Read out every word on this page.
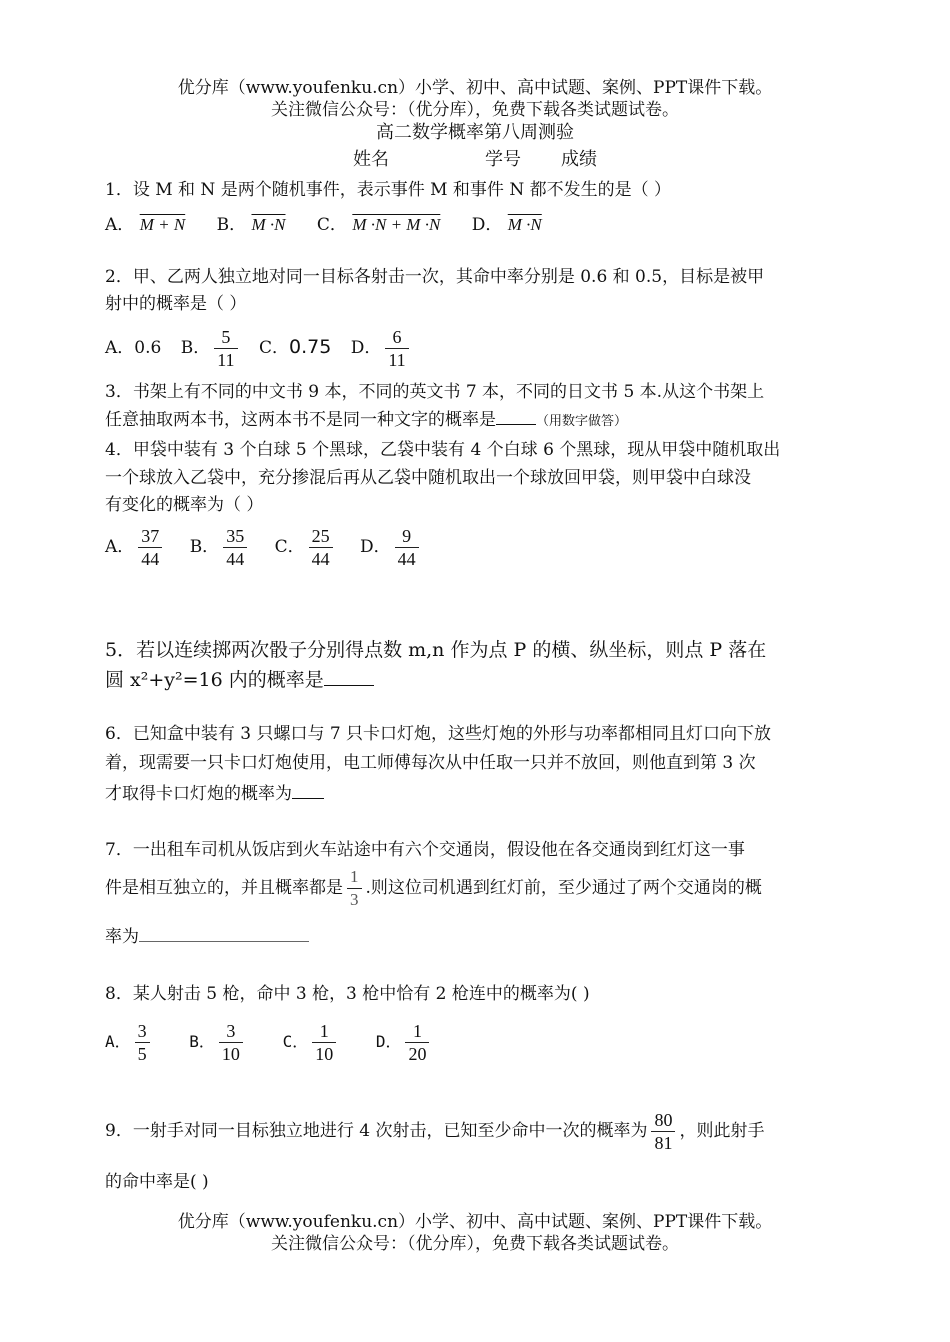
优分库（www.youfenku.cn）小学、初中、高中试题、案例、PPT课件下载。
关注微信公众号：（优分库），免费下载各类试题试卷。
高二数学概率第八周测验
姓名	学号 成绩
1．设 M 和 N 是两个随机事件，表示事件 M 和事件 N 都不发生的是（ ）
A． M + N B． M ·N C． M ·N + M ·N D． M ·N
2．甲、乙两人独立地对同一目标各射击一次，其命中率分别是 0.6 和 0.5，目标是被甲
射中的概率是（ ）
A．0.6 B． $\frac{5}{11}$ C．0.75 D． $\frac{6}{11}$
3．书架上有不同的中文书 9 本，不同的英文书 7 本，不同的日文书 5 本.从这个书架上
任意抽取两本书，这两本书不是同一种文字的概率是	（用数字做答）
4．甲袋中装有 3 个白球 5 个黑球，乙袋中装有 4 个白球 6 个黑球，现从甲袋中随机取出
一个球放入乙袋中，充分掺混后再从乙袋中随机取出一个球放回甲袋，则甲袋中白球没
有变化的概率为（ ）
A． $\frac{37}{44}$ B． $\frac{35}{44}$ C． $\frac{25}{44}$ D． $\frac{9}{44}$
5．若以连续掷两次骰子分别得点数 m,n 作为点 P 的横、纵坐标，则点 P 落在
圆 x²+y²=16 内的概率是
6．已知盒中装有 3 只螺口与 7 只卡口灯炮，这些灯炮的外形与功率都相同且灯口向下放
着，现需要一只卡口灯炮使用，电工师傅每次从中任取一只并不放回，则他直到第 3 次
才取得卡口灯炮的概率为
7．一出租车司机从饭店到火车站途中有六个交通岗，假设他在各交通岗到红灯这一事
件是相互独立的，并且概率都是 $\frac{1}{3}$ .则这位司机遇到红灯前，至少通过了两个交通岗的概
率为
8．某人射击 5 枪，命中 3 枪，3 枪中恰有 2 枪连中的概率为( )
A． $\frac{3}{5}$ B． $\frac{3}{10}$ C． $\frac{1}{10}$ D． $\frac{1}{20}$
9．一射手对同一目标独立地进行 4 次射击，已知至少命中一次的概率为 $\frac{80}{81}$ ，则此射手
的命中率是( )
优分库（www.youfenku.cn）小学、初中、高中试题、案例、PPT课件下载。
关注微信公众号：（优分库），免费下载各类试题试卷。
